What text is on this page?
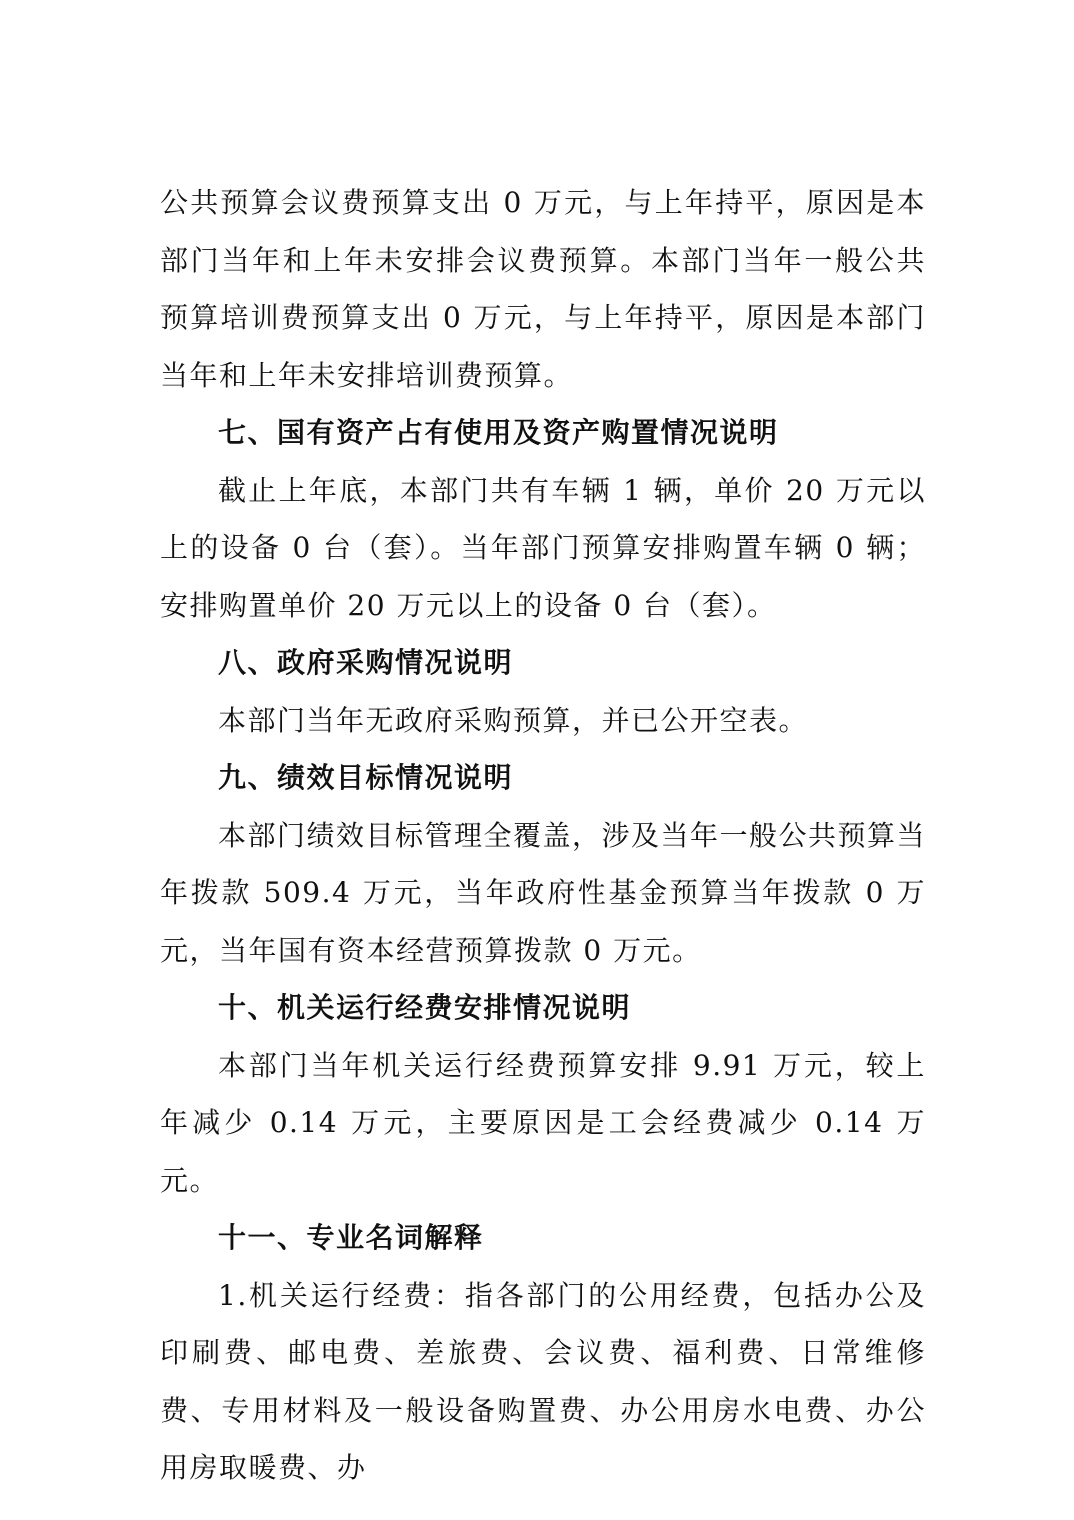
公共预算会议费预算支出 0 万元，与上年持平，原因是本部门当年和上年未安排会议费预算。本部门当年一般公共预算培训费预算支出 0 万元，与上年持平，原因是本部门当年和上年未安排培训费预算。

七、国有资产占有使用及资产购置情况说明

截止上年底，本部门共有车辆 1 辆，单价 20 万元以上的设备 0 台（套）。当年部门预算安排购置车辆 0 辆；安排购置单价 20 万元以上的设备 0 台（套）。

八、政府采购情况说明

本部门当年无政府采购预算，并已公开空表。

九、绩效目标情况说明

本部门绩效目标管理全覆盖，涉及当年一般公共预算当年拨款 509.4 万元，当年政府性基金预算当年拨款 0 万元，当年国有资本经营预算拨款 0 万元。

十、机关运行经费安排情况说明

本部门当年机关运行经费预算安排 9.91 万元，较上年减少 0.14 万元，主要原因是工会经费减少 0.14 万元。

十一、专业名词解释

1.机关运行经费：指各部门的公用经费，包括办公及印刷费、邮电费、差旅费、会议费、福利费、日常维修费、专用材料及一般设备购置费、办公用房水电费、办公用房取暖费、办
